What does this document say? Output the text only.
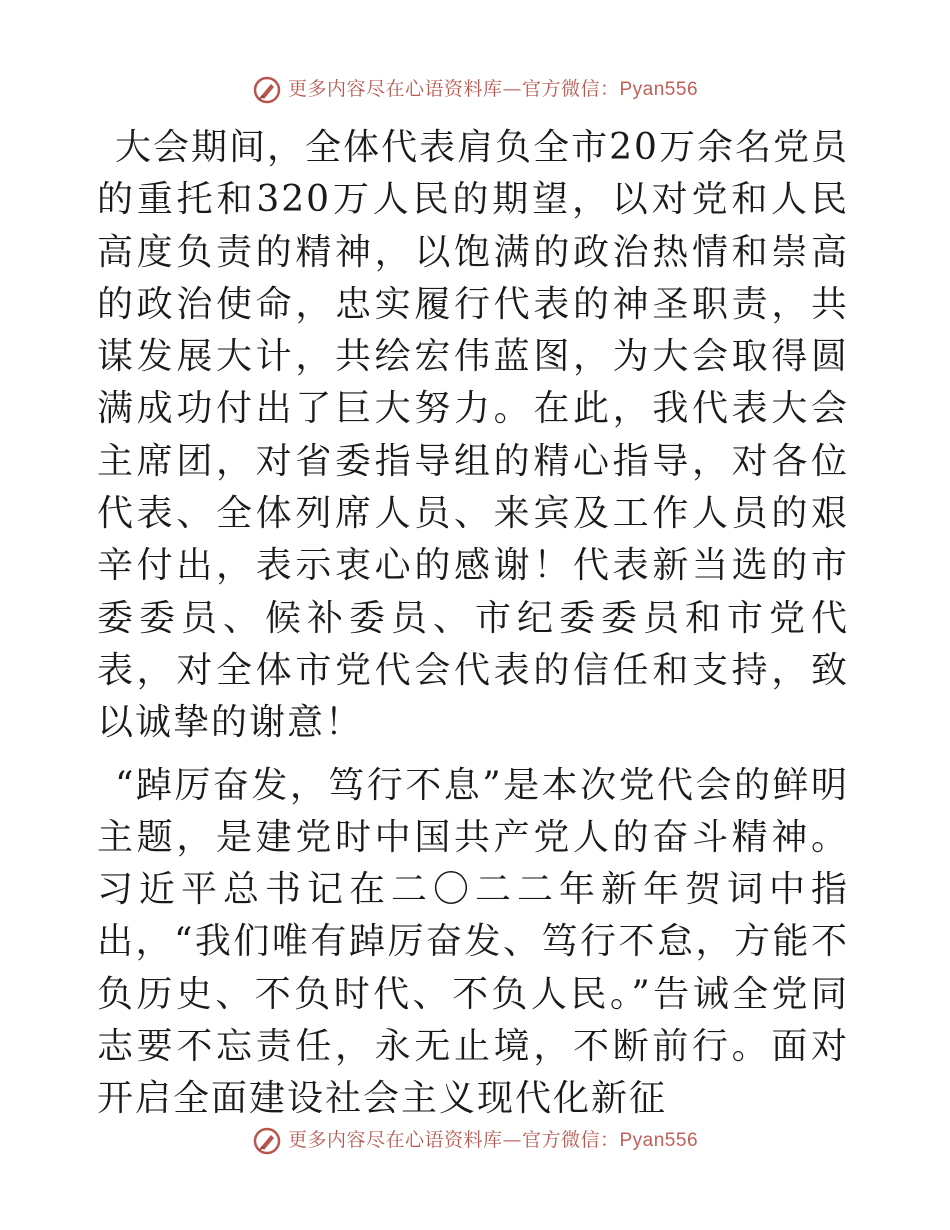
更多内容尽在心语资料库—官方微信：Pyan556

大会期间，全体代表肩负全市20万余名党员的重托和320万人民的期望，以对党和人民高度负责的精神，以饱满的政治热情和崇高的政治使命，忠实履行代表的神圣职责，共谋发展大计，共绘宏伟蓝图，为大会取得圆满成功付出了巨大努力。在此，我代表大会主席团，对省委指导组的精心指导，对各位代表、全体列席人员、来宾及工作人员的艰辛付出，表示衷心的感谢！代表新当选的市委委员、候补委员、市纪委委员和市党代表，对全体市党代会代表的信任和支持，致以诚挚的谢意！

“踔厉奋发，笃行不息”是本次党代会的鲜明主题，是建党时中国共产党人的奋斗精神。习近平总书记在二〇二二年新年贺词中指出，“我们唯有踔厉奋发、笃行不怠，方能不负历史、不负时代、不负人民。”告诫全党同志要不忘责任，永无止境，不断前行。面对开启全面建设社会主义现代化新征

更多内容尽在心语资料库—官方微信：Pyan556
